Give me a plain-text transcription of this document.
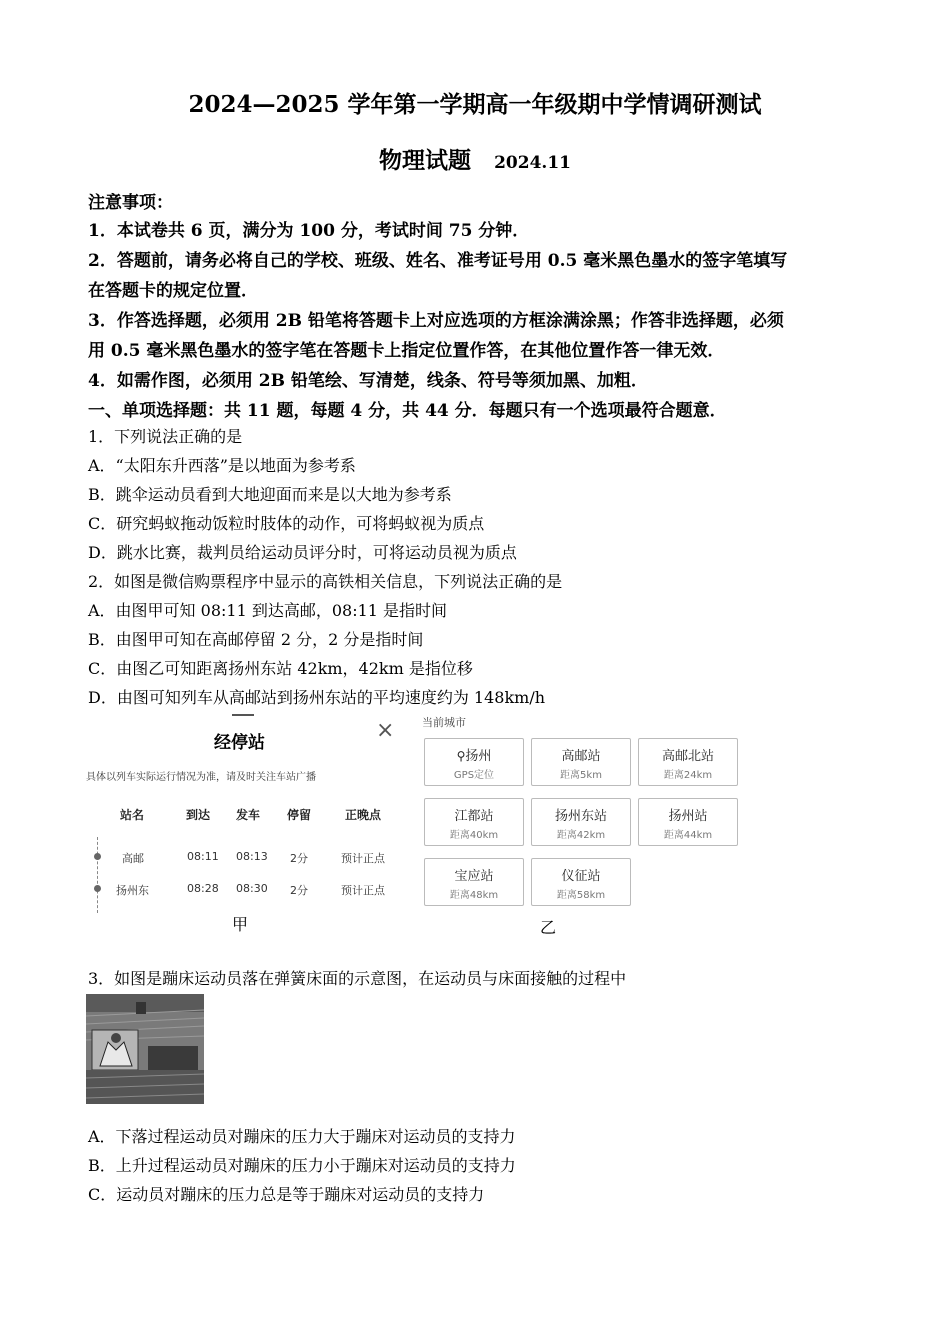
2024—2025 学年第一学期高一年级期中学情调研测试
物理试题 2024.11
注意事项：
1．本试卷共 6 页，满分为 100 分，考试时间 75 分钟．
2．答题前，请务必将自己的学校、班级、姓名、准考证号用 0.5 毫米黑色墨水的签字笔填写
在答题卡的规定位置．
3．作答选择题，必须用 2B 铅笔将答题卡上对应选项的方框涂满涂黑；作答非选择题，必须
用 0.5 毫米黑色墨水的签字笔在答题卡上指定位置作答，在其他位置作答一律无效．
4．如需作图，必须用 2B 铅笔绘、写清楚，线条、符号等须加黑、加粗．
一、单项选择题：共 11 题，每题 4 分，共 44 分．每题只有一个选项最符合题意．
1．下列说法正确的是
A．“太阳东升西落”是以地面为参考系
B．跳伞运动员看到大地迎面而来是以大地为参考系
C．研究蚂蚁拖动饭粒时肢体的动作，可将蚂蚁视为质点
D．跳水比赛，裁判员给运动员评分时，可将运动员视为质点
2．如图是微信购票程序中显示的高铁相关信息，下列说法正确的是
A．由图甲可知 08:11 到达高邮，08:11 是指时间
B．由图甲可知在高邮停留 2 分，2 分是指时间
C．由图乙可知距离扬州东站 42km，42km 是指位移
D．由图可知列车从高邮站到扬州东站的平均速度约为 148km/h
经停站	×
具体以列车实际运行情况为准，请及时关注车站广播
站名	到达 发车 停留	正晚点
高邮	08:11 08:13 2分	预计正点
扬州东	08:28 08:30 2分	预计正点
甲
当前城市
⚲扬州
GPS定位
高邮站
距离5km
高邮北站
距离24km
江都站
距离40km
扬州东站
距离42km
扬州站
距离44km
宝应站
距离48km
仪征站
距离58km
乙
3．如图是蹦床运动员落在弹簧床面的示意图，在运动员与床面接触的过程中
A．下落过程运动员对蹦床的压力大于蹦床对运动员的支持力
B．上升过程运动员对蹦床的压力小于蹦床对运动员的支持力
C．运动员对蹦床的压力总是等于蹦床对运动员的支持力
